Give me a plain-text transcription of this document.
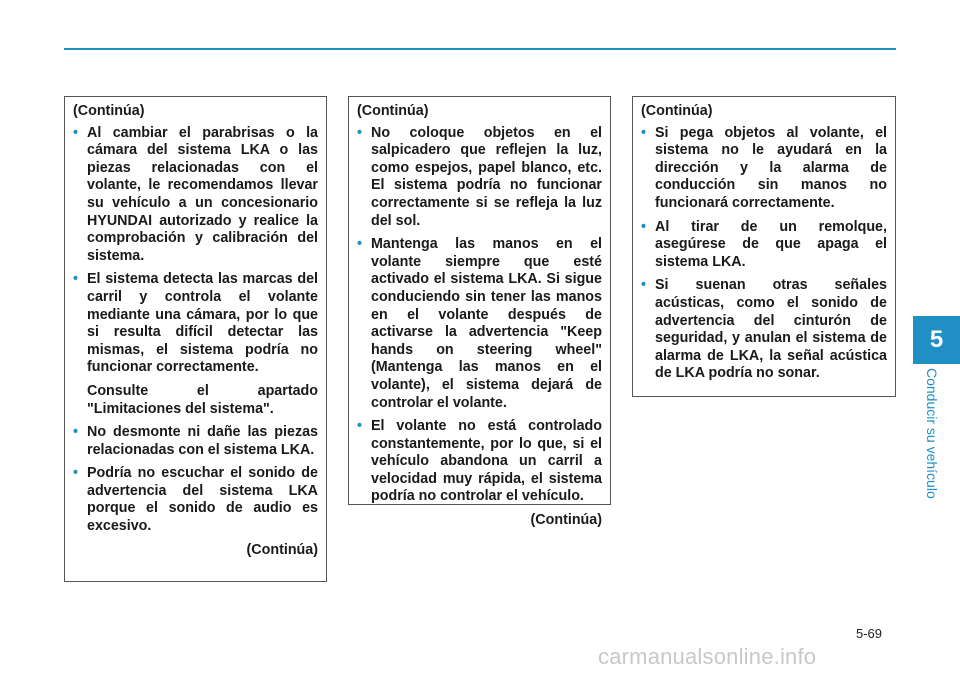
(Continúa)
• Al cambiar el parabrisas o la cámara del sistema LKA o las piezas relacionadas con el volante, le recomendamos llevar su vehículo a un concesionario HYUNDAI autorizado y realice la comprobación y calibración del sistema.
• El sistema detecta las marcas del carril y controla el volante mediante una cámara, por lo que si resulta difícil detectar las mismas, el sistema podría no funcionar correctamente.
Consulte el apartado "Limitaciones del sistema".
• No desmonte ni dañe las piezas relacionadas con el sistema LKA.
• Podría no escuchar el sonido de advertencia del sistema LKA porque el sonido de audio es excesivo.
(Continúa)
(Continúa)
• No coloque objetos en el salpicadero que reflejen la luz, como espejos, papel blanco, etc. El sistema podría no funcionar correctamente si se refleja la luz del sol.
• Mantenga las manos en el volante siempre que esté activado el sistema LKA. Si sigue conduciendo sin tener las manos en el volante después de activarse la advertencia "Keep hands on steering wheel"(Mantenga las manos en el volante), el sistema dejará de controlar el volante.
• El volante no está controlado constantemente, por lo que, si el vehículo abandona un carril a velocidad muy rápida, el sistema podría no controlar el vehículo.
(Continúa)
(Continúa)
• Si pega objetos al volante, el sistema no le ayudará en la dirección y la alarma de conducción sin manos no funcionará correctamente.
• Al tirar de un remolque, asegúrese de que apaga el sistema LKA.
• Si suenan otras señales acústicas, como el sonido de advertencia del cinturón de seguridad, y anulan el sistema de alarma de LKA, la señal acústica de LKA podría no sonar.
5
Conducir su vehículo
5-69
carmanualsonline.info
